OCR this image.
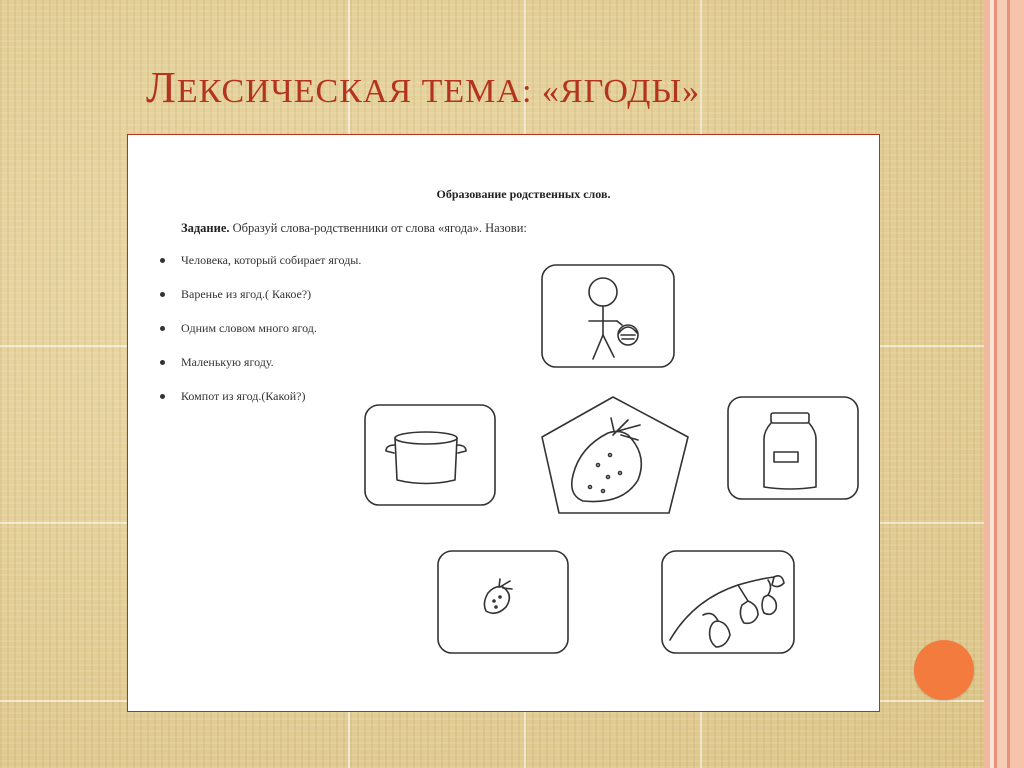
ЛЕКСИЧЕСКАЯ ТЕМА: «ЯГОДЫ»
Образование родственных слов.
Задание. Образуй слова-родственники от слова «ягода». Назови:
Человека, который собирает ягоды.
Варенье из ягод.( Какое?)
Одним словом много ягод.
Маленькую ягоду.
Компот из ягод.(Какой?)
